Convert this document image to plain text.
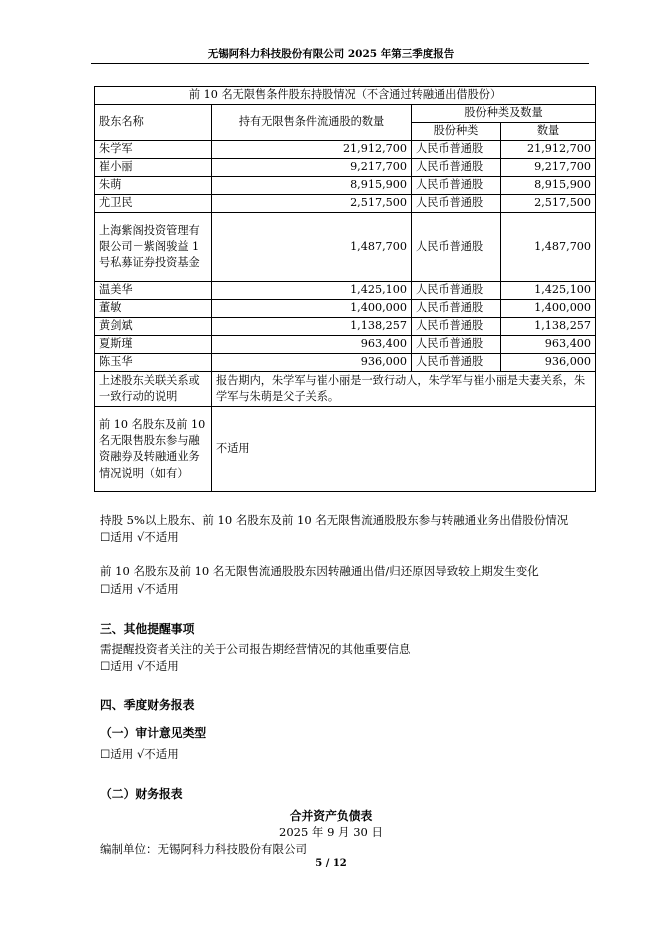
无锡阿科力科技股份有限公司 2025 年第三季度报告
前 10 名无限售条件股东持股情况（不含通过转融通出借股份）			
股东名称	持有无限售条件流通股的数量	股份种类及数量	
		股份种类	数量
朱学军	21,912,700	人民币普通股	21,912,700
崔小丽	9,217,700	人民币普通股	9,217,700
朱萌	8,915,900	人民币普通股	8,915,900
尤卫民	2,517,500	人民币普通股	2,517,500
上海紫阁投资管理有限公司－紫阁骏益 1 号私募证券投资基金	1,487,700	人民币普通股	1,487,700
温美华	1,425,100	人民币普通股	1,425,100
董敏	1,400,000	人民币普通股	1,400,000
黄剑斌	1,138,257	人民币普通股	1,138,257
夏斯瑾	963,400	人民币普通股	963,400
陈玉华	936,000	人民币普通股	936,000
上述股东关联关系或一致行动的说明	报告期内，朱学军与崔小丽是一致行动人，朱学军与崔小丽是夫妻关系，朱学军与朱萌是父子关系。		
前 10 名股东及前 10 名无限售股东参与融资融券及转融通业务情况说明（如有）	不适用		
持股 5%以上股东、前 10 名股东及前 10 名无限售流通股股东参与转融通业务出借股份情况
☐适用 √不适用
前 10 名股东及前 10 名无限售流通股股东因转融通出借/归还原因导致较上期发生变化
☐适用 √不适用
三、其他提醒事项
需提醒投资者关注的关于公司报告期经营情况的其他重要信息
☐适用 √不适用
四、季度财务报表
（一）审计意见类型
☐适用 √不适用
（二）财务报表
合并资产负债表
2025 年 9 月 30 日
编制单位：无锡阿科力科技股份有限公司
5 / 12
